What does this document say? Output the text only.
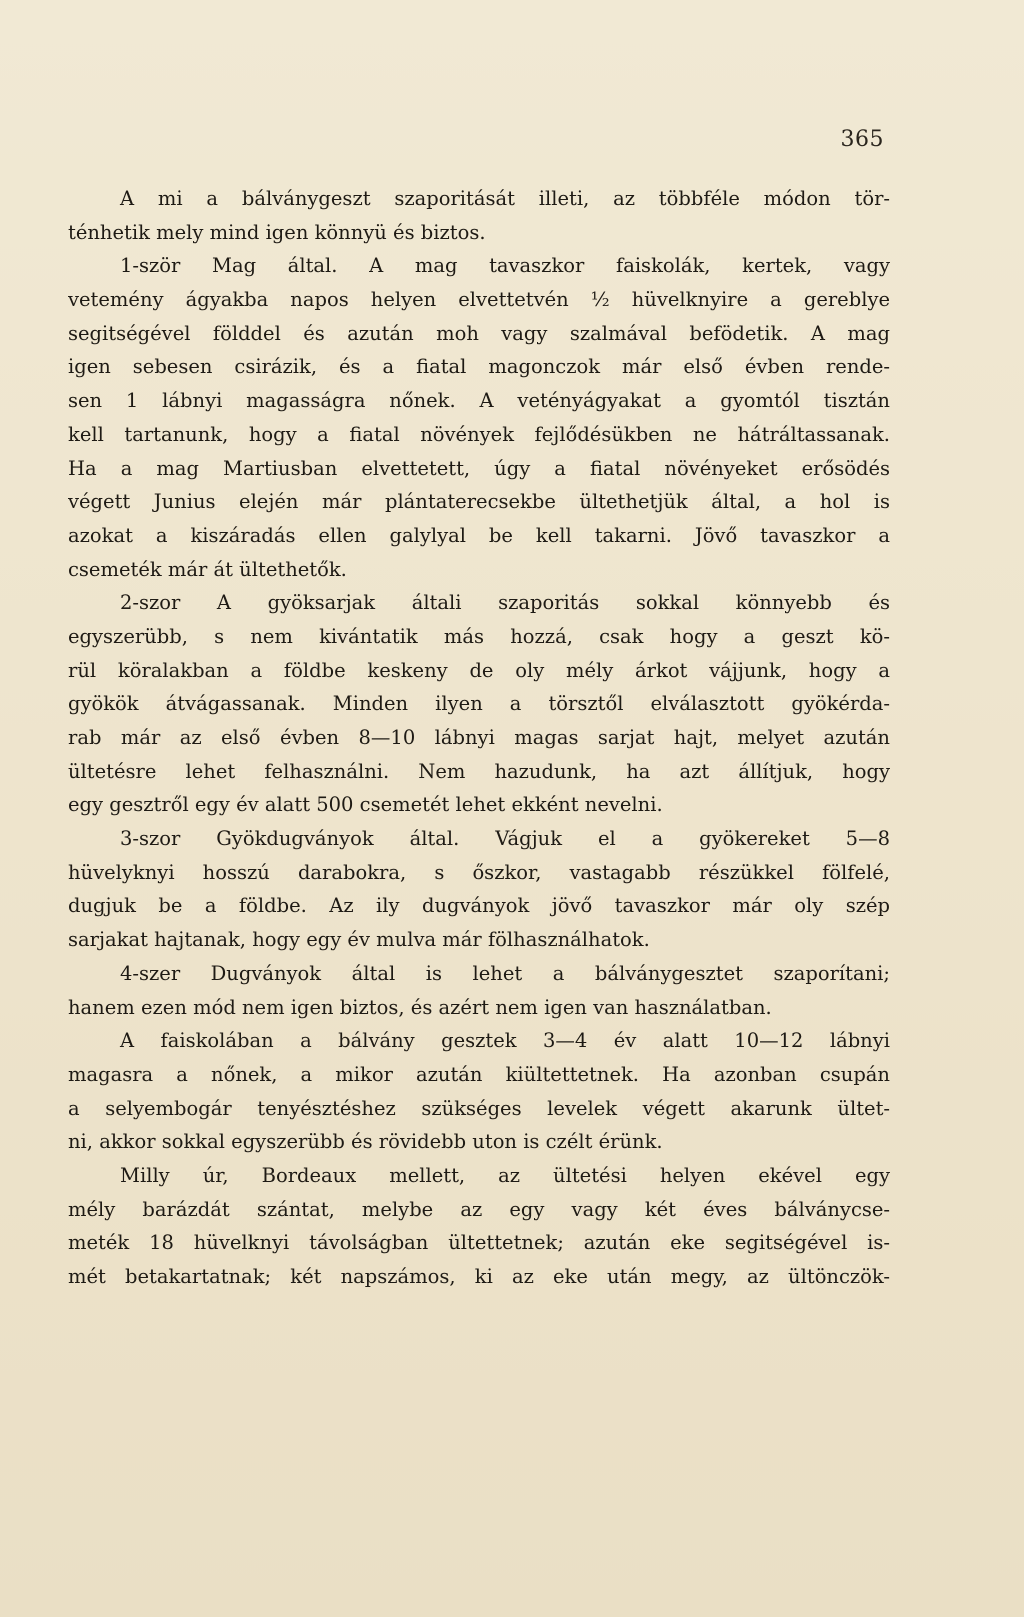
365
A mi a bálványgeszt szaporitását illeti, az többféle módon tör-
ténhetik mely mind igen könnyü és biztos.
1-ször Mag által. A mag tavaszkor faiskolák, kertek, vagy
vetemény ágyakba napos helyen elvettetvén ½ hüvelknyire a gereblye
segitségével földdel és azután moh vagy szalmával befödetik. A mag
igen sebesen csirázik, és a fiatal magonczok már első évben rende-
sen 1 lábnyi magasságra nőnek. A vetényágyakat a gyomtól tisztán
kell tartanunk, hogy a fiatal növények fejlődésükben ne hátráltassanak.
Ha a mag Martiusban elvettetett, úgy a fiatal növényeket erősödés
végett Junius elején már plántaterecsekbe ültethetjük által, a hol is
azokat a kiszáradás ellen galylyal be kell takarni. Jövő tavaszkor a
csemeték már át ültethetők.
2-szor A gyöksarjak általi szaporitás sokkal könnyebb és
egyszerübb, s nem kivántatik más hozzá, csak hogy a geszt kö-
rül köralakban a földbe keskeny de oly mély árkot vájjunk, hogy a
gyökök átvágassanak. Minden ilyen a törsztől elválasztott gyökérda-
rab már az első évben 8—10 lábnyi magas sarjat hajt, melyet azután
ültetésre lehet felhasználni. Nem hazudunk, ha azt állítjuk, hogy
egy gesztről egy év alatt 500 csemetét lehet ekként nevelni.
3-szor Gyökdugványok által. Vágjuk el a gyökereket 5—8
hüvelyknyi hosszú darabokra, s őszkor, vastagabb részükkel fölfelé,
dugjuk be a földbe. Az ily dugványok jövő tavaszkor már oly szép
sarjakat hajtanak, hogy egy év mulva már fölhasználhatok.
4-szer Dugványok által is lehet a bálványgesztet szaporítani;
hanem ezen mód nem igen biztos, és azért nem igen van használatban.
A faiskolában a bálvány gesztek 3—4 év alatt 10—12 lábnyi
magasra a nőnek, a mikor azután kiültettetnek. Ha azonban csupán
a selyembogár tenyésztéshez szükséges levelek végett akarunk ültet-
ni, akkor sokkal egyszerübb és rövidebb uton is czélt érünk.
Milly úr, Bordeaux mellett, az ültetési helyen ekével egy
mély barázdát szántat, melybe az egy vagy két éves bálványcse-
meték 18 hüvelknyi távolságban ültettetnek; azután eke segitségével is-
mét betakartatnak; két napszámos, ki az eke után megy, az ültönczök-
